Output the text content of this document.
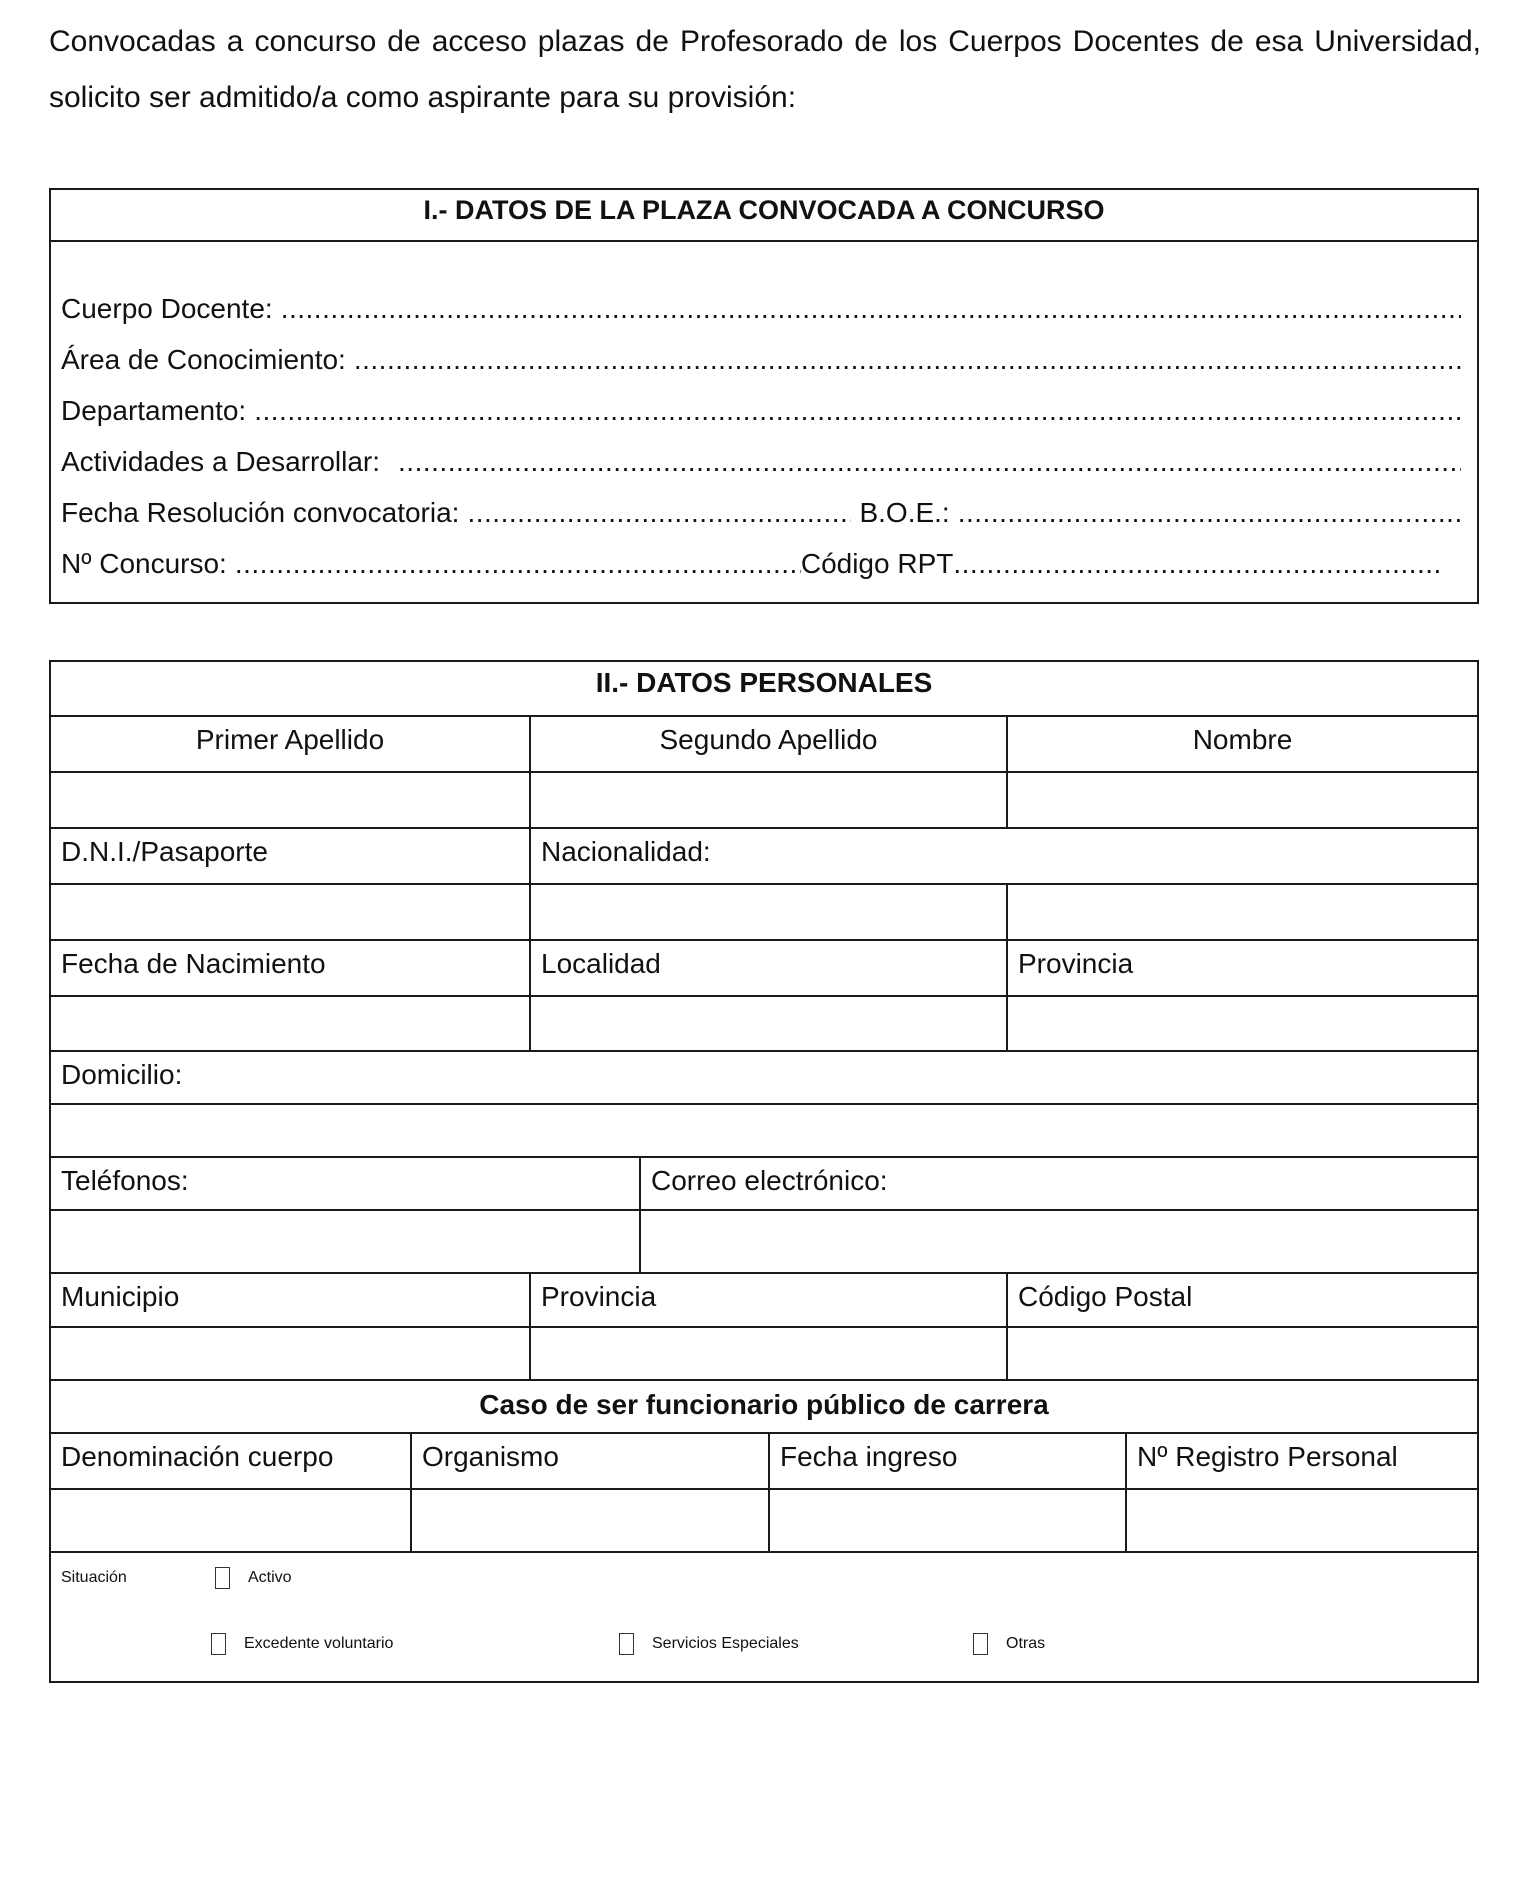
Convocadas a concurso de acceso plazas de Profesorado de los Cuerpos Docentes de esa Universidad, solicito ser admitido/a como aspirante para su provisión:
I.- DATOS DE LA PLAZA CONVOCADA A CONCURSO
Cuerpo Docente:
.....
Área de Conocimiento:
.....
Departamento:
.....
Actividades a Desarrollar:
.....
Fecha Resolución convocatoria: .....	B.O.E.:
.....
Nº Concurso: .....	Código RPT
.....
II.- DATOS PERSONALES
Primer Apellido	Segundo Apellido	Nombre
D.N.I./Pasaporte	Nacionalidad:
Fecha de Nacimiento	Localidad	Provincia
Domicilio:
Teléfonos:	Correo electrónico:
Municipio	Provincia	Código Postal
Caso de ser funcionario público de carrera
Denominación cuerpo	Organismo	Fecha ingreso	Nº Registro Personal
Situación	Activo
Excedente voluntario	Servicios Especiales	Otras
